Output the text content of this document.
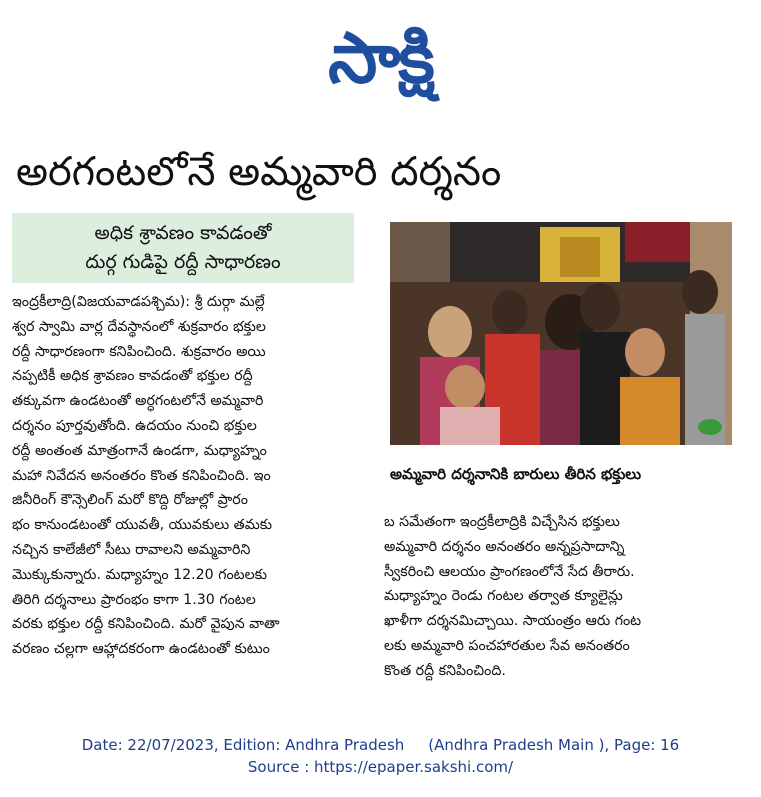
సాక్షి
అరగంటలోనే అమ్మవారి దర్శనం
అధిక శ్రావణం కావడంతో
దుర్గ గుడిపై రద్దీ సాధారణం
ఇంద్రకీలాద్రి(విజయవాడపశ్చిమ): శ్రీ దుర్గా మల్లే
శ్వర స్వామి వార్ల దేవస్థానంలో శుక్రవారం భక్తుల
రద్దీ సాధారణంగా కనిపించింది. శుక్రవారం అయి
నప్పటికీ అధిక శ్రావణం కావడంతో భక్తుల రద్దీ
తక్కువగా ఉండటంతో అర్ధగంటలోనే అమ్మవారి
దర్శనం పూర్తవుతోంది. ఉదయం నుంచి భక్తుల
రద్దీ అంతంత మాత్రంగానే ఉండగా, మధ్యాహ్నం
మహా నివేదన అనంతరం కొంత కనిపించింది. ఇం
జినీరింగ్ కౌన్సెలింగ్ మరో కొద్ది రోజుల్లో ప్రారం
భం కానుండటంతో యువతీ, యువకులు తమకు
నచ్చిన కాలేజీలో సీటు రావాలని అమ్మవారిని
మొక్కుకున్నారు. మధ్యాహ్నం 12.20 గంటలకు
తిరిగి దర్శనాలు ప్రారంభం కాగా 1.30 గంటల
వరకు భక్తుల రద్దీ కనిపించింది. మరో వైపున వాతా
వరణం చల్లగా ఆహ్లాదకరంగా ఉండటంతో కుటుం
అమ్మవారి దర్శనానికి బారులు తీరిన భక్తులు
బ సమేతంగా ఇంద్రకీలాద్రికి విచ్చేసిన భక్తులు
అమ్మవారి దర్శనం అనంతరం అన్నప్రసాదాన్ని
స్వీకరించి ఆలయం ప్రాంగణంలోనే సేద తీరారు.
మధ్యాహ్నం రెండు గంటల తర్వాత క్యూలైన్లు
ఖాళీగా దర్శనమిచ్చాయి. సాయంత్రం ఆరు గంట
లకు అమ్మవారి పంచహారతుల సేవ అనంతరం
కొంత రద్దీ కనిపించింది.
Date: 22/07/2023, Edition: Andhra Pradesh (Andhra Pradesh Main ), Page: 16
Source : https://epaper.sakshi.com/
